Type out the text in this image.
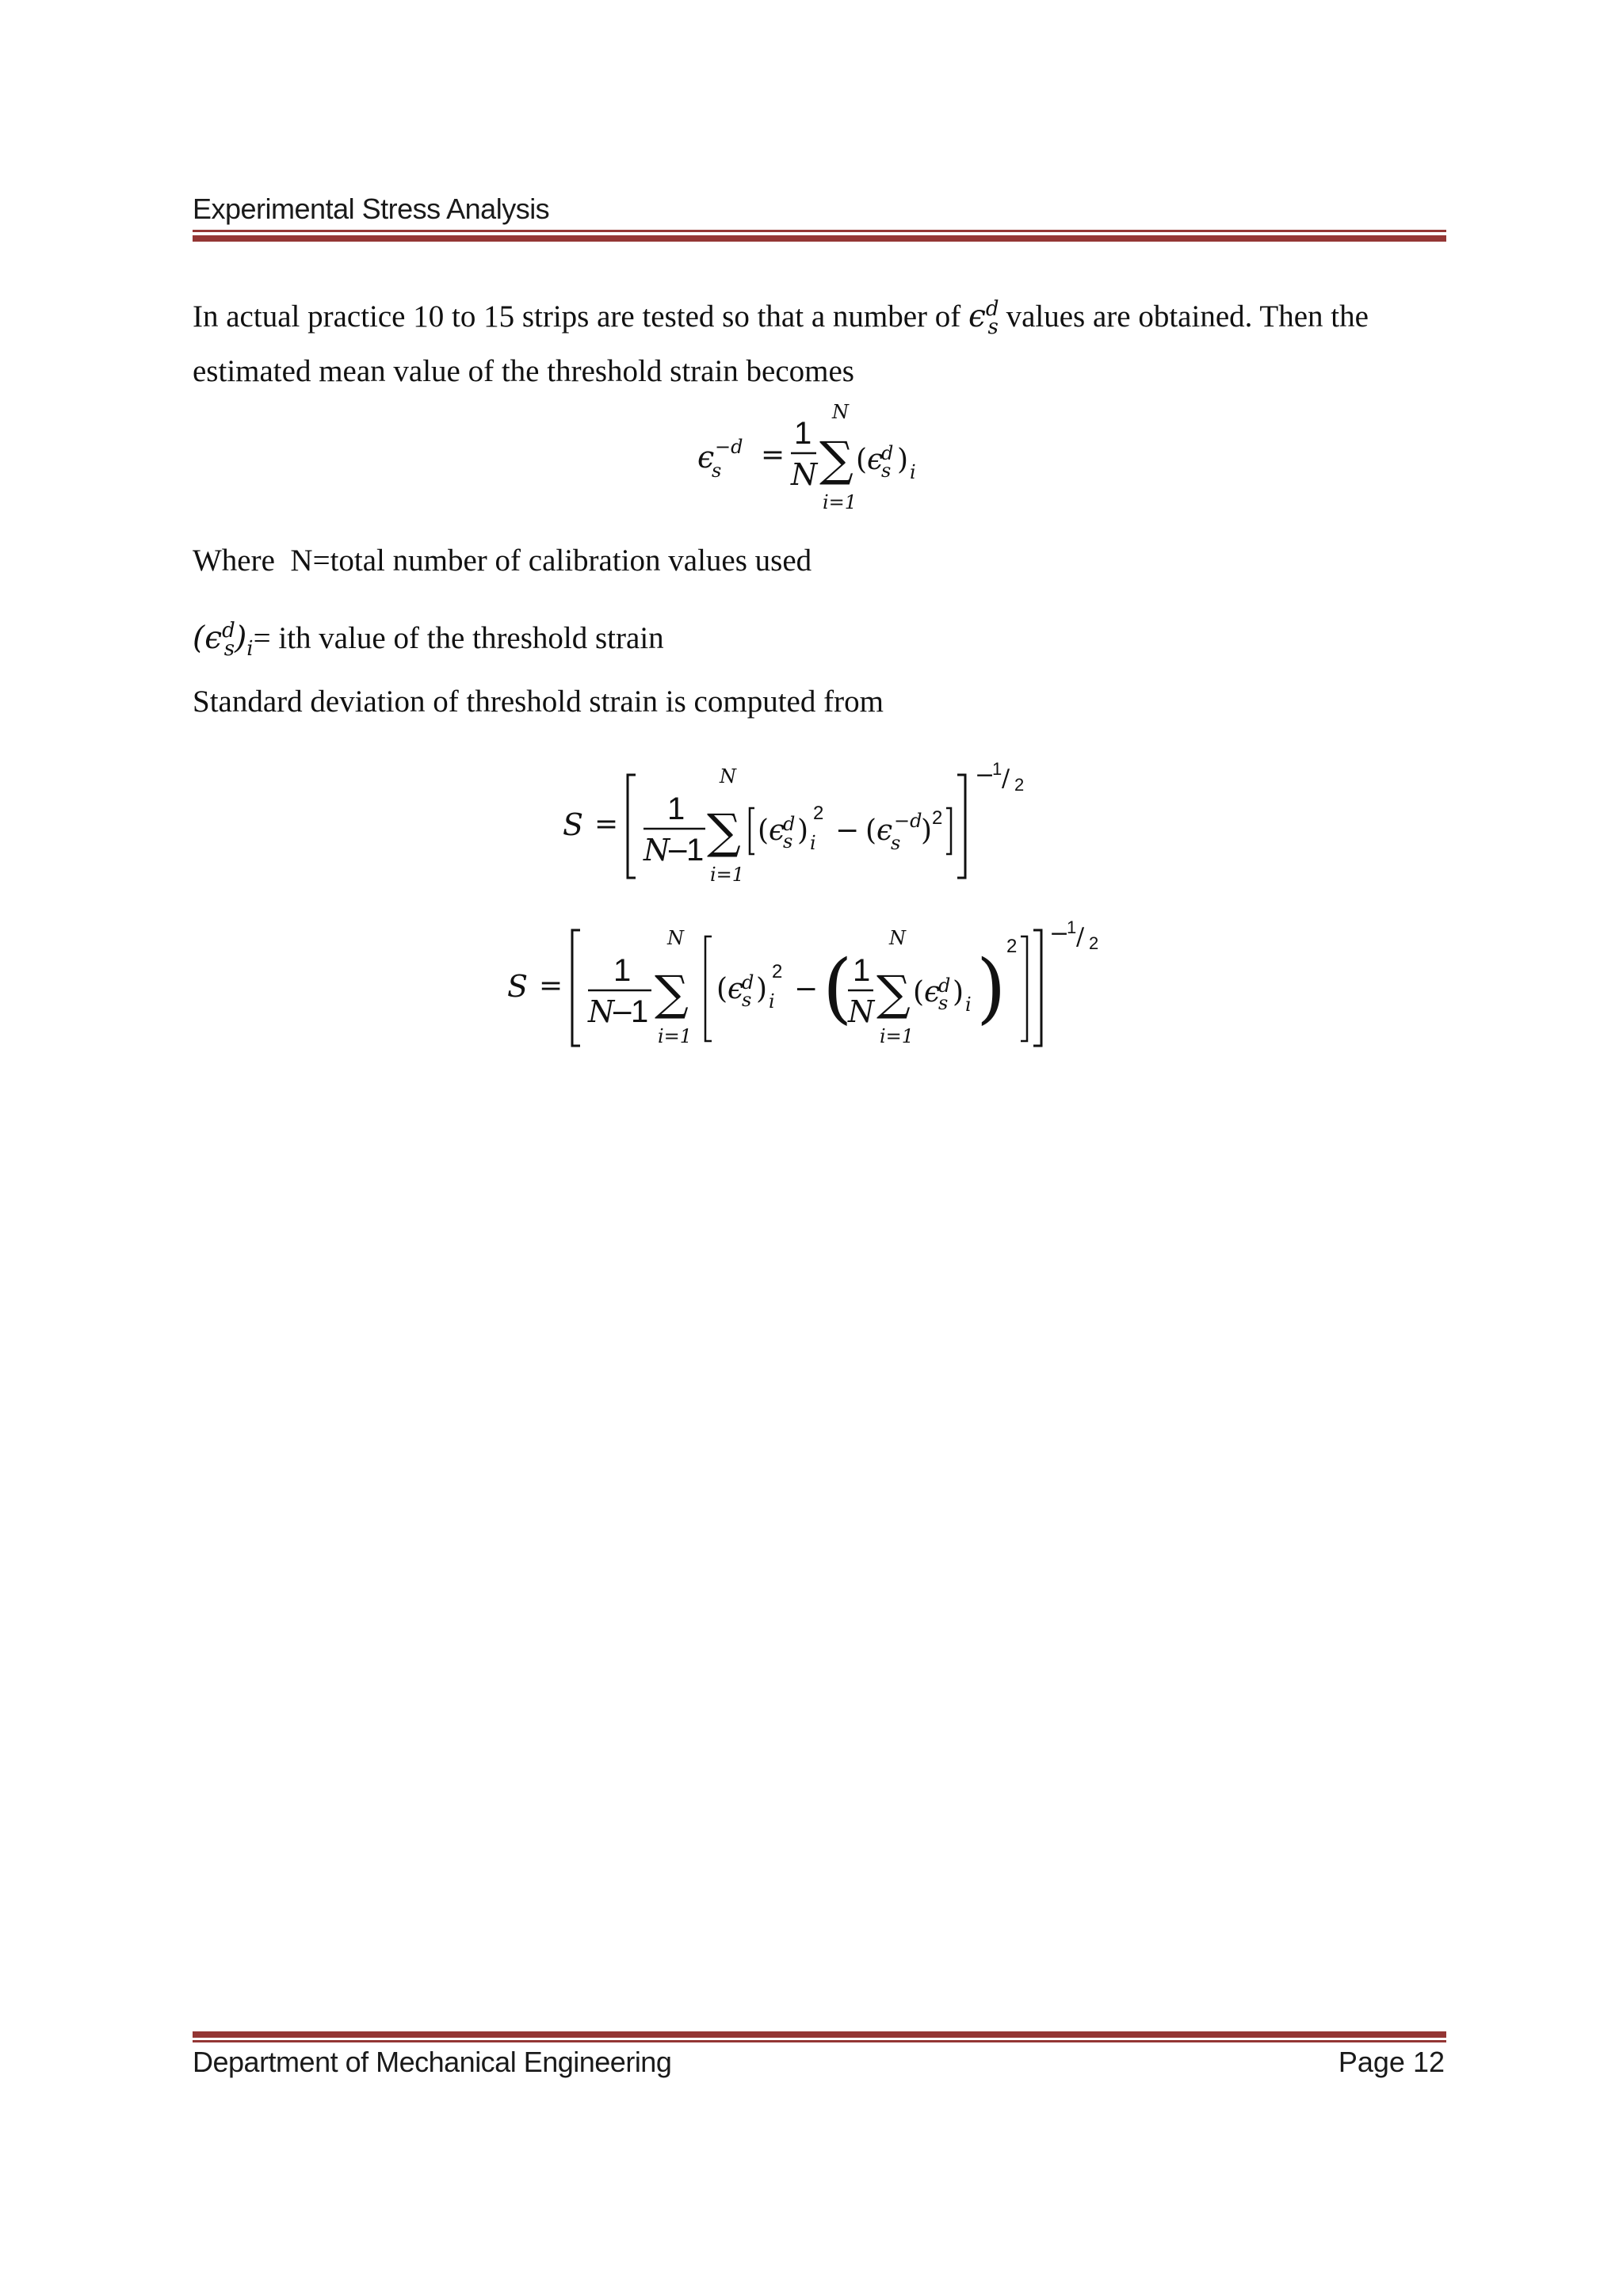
Experimental Stress Analysis
In actual practice 10 to 15 strips are tested so that a number of $\epsilon^d_s$ values are obtained. Then the estimated mean value of the threshold strain becomes
ϵ
s
−d =
1
N ∑
N
i=1
( ϵ
d
s ) i
Where N=total number of calibration values used
$(\epsilon^d_s)_i=$ ith value of the threshold strain
Standard deviation of threshold strain is computed from
S = 1
N
−
1 ∑
N
i=1
( ϵ
d
s ) i
2
− ( ϵ
s
−d
) 2
−
1 / 2
S = 1
N
−
1 ∑
N
i=1
( ϵ
d
s ) i
2
− ( 1
N ∑
N
i=1
( ϵ
d
s ) i ) 2 −
1 / 2
Department of Mechanical Engineering	Page 12
